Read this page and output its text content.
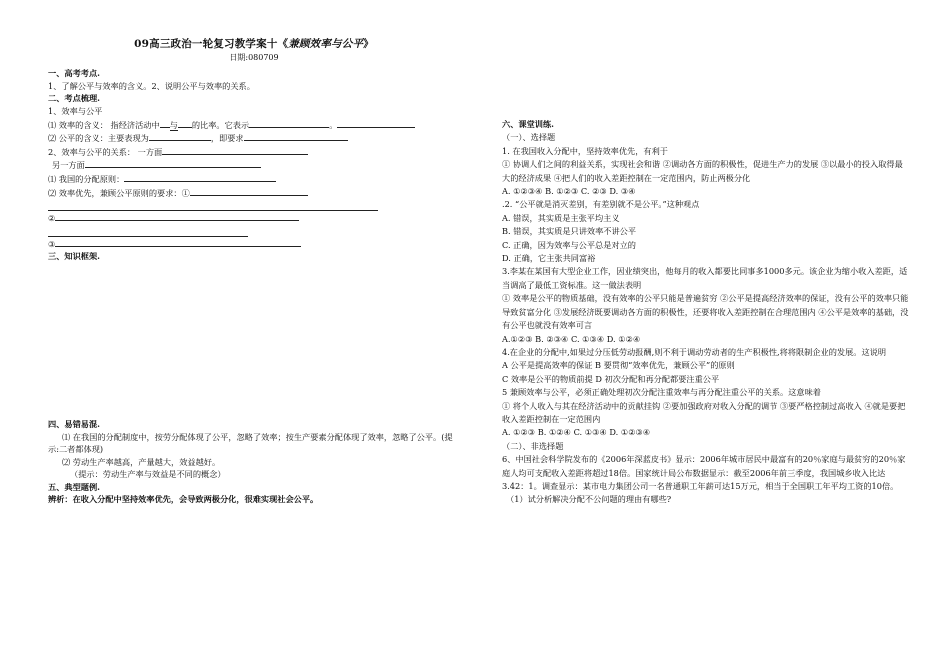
09高三政治一轮复习教学案十《兼顾效率与公平》
日期:080709
一、高考考点.
1、了解公平与效率的含义。2、说明公平与效率的关系。
二、考点梳理.
1、效率与公平
⑴ 效率的含义： 指经济活动中 与 的比率。它表示	。
⑵ 公平的含义：主要表现为	，即要求
2、效率与公平的关系： 一方面
另一方面
⑴ 我国的分配原则：
⑵ 效率优先，兼顾公平原则的要求：①
②
③
三、知识框架.
四、易错易混.
⑴ 在我国的分配制度中，按劳分配体现了公平，忽略了效率；按生产要素分配体现了效率，忽略了公平。(提示:二者都体现)
⑵ 劳动生产率越高，产量越大，效益越好。
（提示：劳动生产率与效益是不同的概念）
五、典型题例.
辨析：在收入分配中坚持效率优先，会导致两极分化，很难实现社会公平。
六、课堂训练.
（一）、选择题
1. 在我国收入分配中，坚持效率优先，有利于
① 协调人们之间的利益关系，实现社会和谐 ②调动各方面的积极性，促进生产力的发展 ③以最小的投入取得最大的经济成果 ④把人们的收入差距控制在一定范围内，防止两极分化
A. ①②③④ B. ①②③ C. ②③ D. ③④
.2. “公平就是消灭差别，有差别就不是公平。”这种观点
A. 错误，其实质是主张平均主义
B. 错误，其实质是只讲效率不讲公平
C. 正确，因为效率与公平总是对立的
D. 正确，它主张共同富裕
3.李某在某国有大型企业工作，因业绩突出，他每月的收入都要比同事多1000多元。该企业为缩小收入差距，适当调高了最低工资标准。这一做法表明
① 效率是公平的物质基础，没有效率的公平只能是普遍贫穷 ②公平是提高经济效率的保证，没有公平的效率只能导致贫富分化 ③发展经济既要调动各方面的积极性，还要将收入差距控制在合理范围内 ④公平是效率的基础，没有公平也就没有效率可言
A.①②③ B. ②③④ C. ①③④ D. ①②④
4.在企业的分配中,如果过分压低劳动报酬,则不利于调动劳动者的生产积极性,将将限制企业的发展。这说明
A 公平是提高效率的保证 B 要贯彻“效率优先，兼顾公平”的原则
C 效率是公平的物质前提 D 初次分配和再分配都要注重公平
5 兼顾效率与公平，必须正确处理初次分配注重效率与再分配注重公平的关系。这意味着
① 将个人收入与其在经济活动中的贡献挂钩 ②要加强政府对收入分配的调节 ③要严格控制过高收入 ④就是要把收入差距控制在一定范围内
A. ①②③ B. ①②④ C. ①③④ D. ①②③④
（二）、非选择题
6、中国社会科学院发布的《2006年深蓝皮书》显示：2006年城市居民中最富有的20％家庭与最贫穷的20％家庭人均可支配收入差距将超过18倍。国家统计局公布数据显示：截至2006年前三季度，我国城乡收入比达3.42：1。调查显示：某市电力集团公司一名普通职工年薪可达15万元，相当于全国职工年平均工资的10倍。
（1）试分析解决分配不公问题的理由有哪些?
